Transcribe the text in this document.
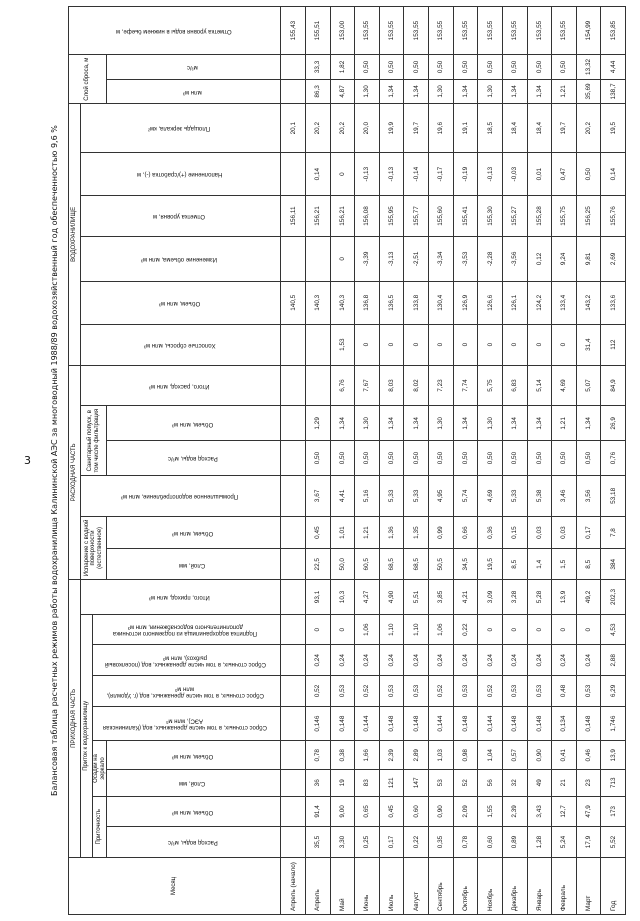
3	Балансовая таблица расчетных режимов работы водохранилища Калининской АЭС за многоводный 1988/89 водохозяйственный год обеспеченностью 9,6 %
Месяц	ПРИХОДНАЯ ЧАСТЬ									РАСХОДНАЯ ЧАСТЬ						ВОДОХРАНИЛИЩЕ						Слой сброса, м		Отметка уровня воды в нижнем бьефе, м
	Приток к водохранилищу								Итого, приход, млн м³	Испарение с водной поверхности (естественное)		Промышленное водопотребление, млн м³	Санитарный попуск, в том числе фильтрация		Итого, расход, млн м³	Холостые сбросы, млн м³	Объем, млн м³	Изменение объема, млн м³	Отметка уровня, м	Наполнение (+)/сработка (-), м	Площадь зеркала, км²			
	Приточность		Осадки на зеркало		Сброс сточных, в том числе дренажных, вод (Калининская АЭС), млн м³	Сброс сточных, в том числе дренажных, вод (г. Удомля), млн м³	Сброс сточных, в том числе дренажных, вод (поселковый рыбхоз), млн м³	Подпитка водохранилища из подземного источника дополнительного водоснабжения, млн м³																
	Расход воды, м³/с	Объем, млн м³	Слой, мм	Объем, млн м³						Слой, мм	Объем, млн м³		Расход воды, м³/с	Объем, млн м³								млн м³	м³/с	
Апрель (начало)																	140,5		156,11		20,1			155,43
Апрель	35,5	91,4	36	0,78	0,146	0,52	0,24	0	93,1	22,5	0,45	3,67	0,50	1,29			140,3		156,21	0,14	20,2	86,3	33,3	155,51
Май	3,30	9,00	19	0,38	0,148	0,53	0,24	0	10,3	50,0	1,01	4,41	0,50	1,34	6,76	1,53	140,3	0	156,21	0	20,2	4,87	1,82	153,00
Июнь	0,25	0,65	83	1,66	0,144	0,52	0,24	1,06	4,27	60,5	1,21	5,16	0,50	1,30	7,67	0	136,8	-3,39	156,08	-0,13	20,0	1,30	0,50	153,55
Июль	0,17	0,45	121	2,39	0,148	0,53	0,24	1,10	4,90	68,5	1,36	5,33	0,50	1,34	8,03	0	136,5	-3,13	155,95	-0,13	19,9	1,34	0,50	153,55
Август	0,22	0,60	147	2,89	0,148	0,53	0,24	1,10	5,51	68,5	1,35	5,33	0,50	1,34	8,02	0	133,8	-2,51	155,77	-0,14	19,7	1,34	0,50	153,55
Сентябрь	0,35	0,90	53	1,03	0,144	0,52	0,24	1,06	3,85	50,5	0,99	4,95	0,50	1,30	7,23	0	130,4	-3,34	155,60	-0,17	19,6	1,30	0,50	153,55
Октябрь	0,78	2,09	52	0,98	0,148	0,53	0,24	0,22	4,21	34,5	0,66	5,74	0,50	1,34	7,74	0	126,9	-3,53	155,41	-0,19	19,1	1,34	0,50	153,55
Ноябрь	0,60	1,55	56	1,04	0,144	0,52	0,24	0	3,09	19,5	0,36	4,69	0,50	1,30	5,75	0	126,6	-2,28	155,30	-0,13	18,5	1,30	0,50	153,55
Декабрь	0,89	2,39	32	0,57	0,148	0,53	0,24	0	3,28	8,5	0,15	5,33	0,50	1,34	6,83	0	126,1	-3,56	155,27	-0,03	18,4	1,34	0,50	153,55
Январь	1,28	3,43	49	0,90	0,148	0,53	0,24	0	5,28	1,4	0,03	5,38	0,50	1,34	5,14	0	124,2	0,12	155,28	0,01	18,4	1,34	0,50	153,55
Февраль	5,24	12,7	21	0,41	0,134	0,48	0,24	0	13,9	1,5	0,03	3,46	0,50	1,21	4,69	0	133,4	9,24	155,75	0,47	19,7	1,21	0,50	153,55
Март	17,9	47,9	23	0,46	0,148	0,53	0,24	0	49,2	8,5	0,17	3,56	0,50	1,34	5,07	31,4	143,2	9,81	156,25	0,50	20,2	35,69	13,32	154,99
Год	5,52	173	713	13,9	1,746	6,29	2,88	4,53	202,3	384	7,8	53,18	0,76	26,9	84,9	112	133,6	2,69	155,76	0,14	19,5	138,7	4,44	153,85
